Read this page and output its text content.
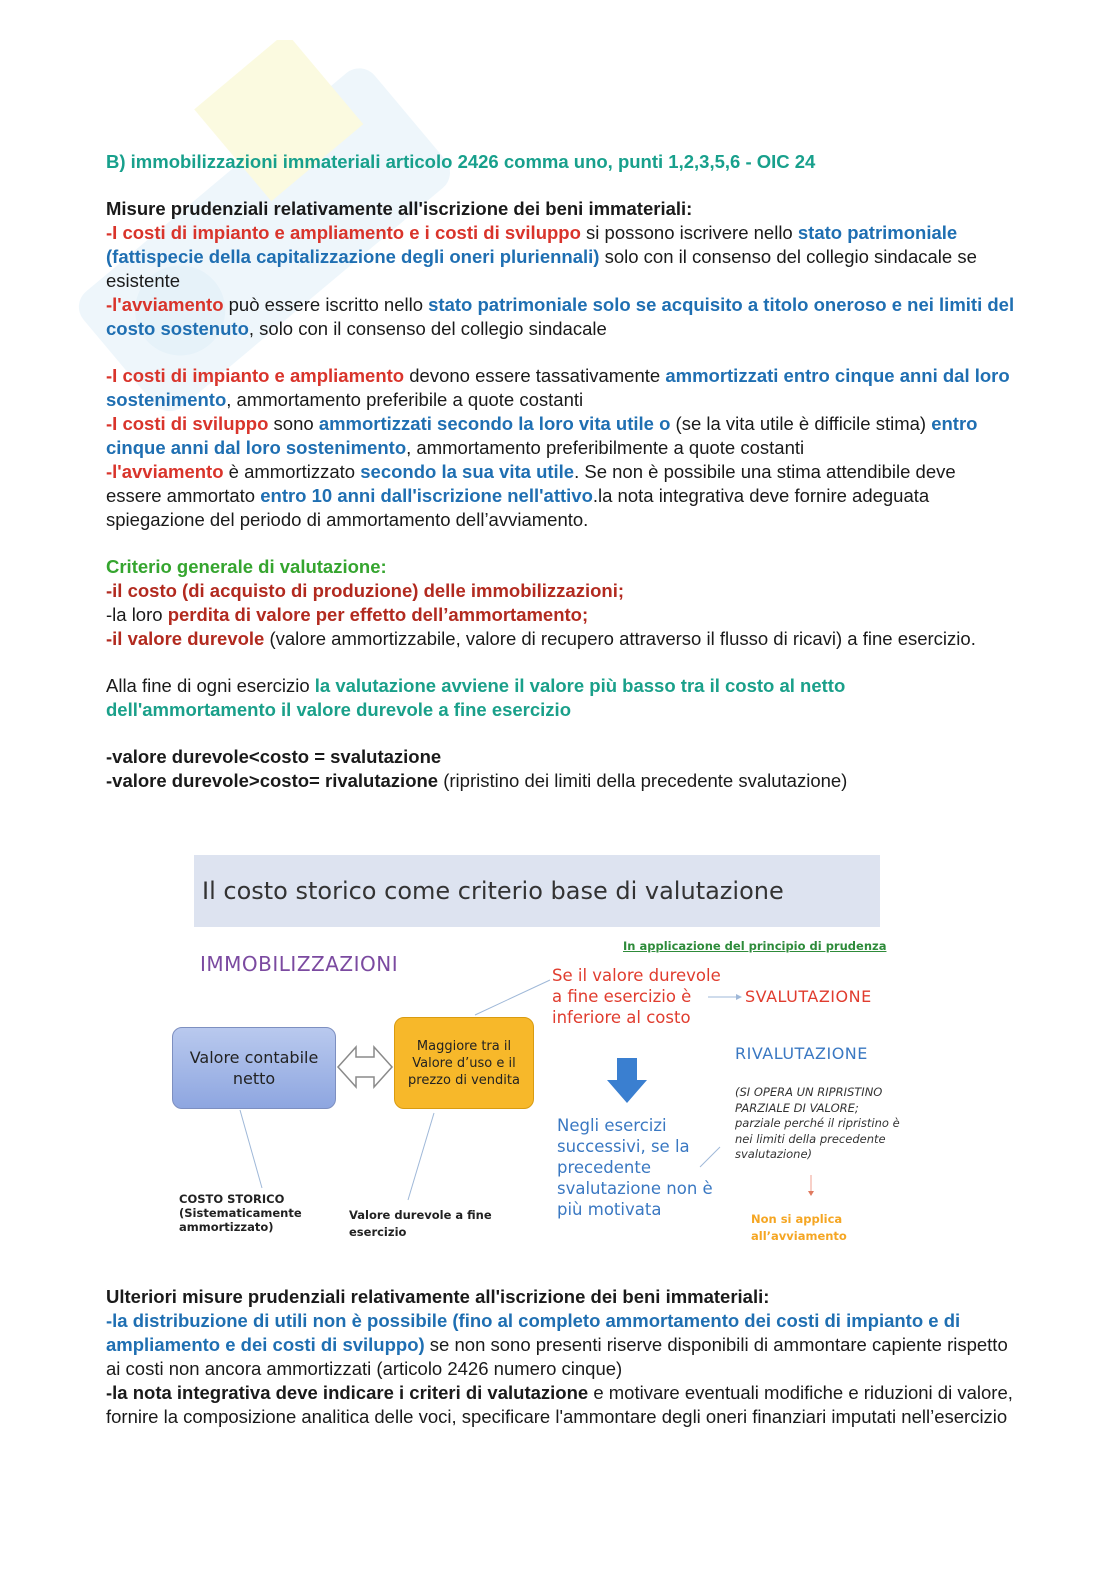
B) immobilizzazioni immateriali articolo 2426 comma uno, punti 1,2,3,5,6 - OIC 24

Misure prudenziali relativamente all'iscrizione dei beni immateriali:

-I costi di impianto e ampliamento e i costi di sviluppo si possono iscrivere nello stato patrimoniale (fattispecie della capitalizzazione degli oneri pluriennali) solo con il consenso del collegio sindacale se esistente

-l'avviamento può essere iscritto nello stato patrimoniale solo se acquisito a titolo oneroso e nei limiti del costo sostenuto, solo con il consenso del collegio sindacale

-I costi di impianto e ampliamento devono essere tassativamente ammortizzati entro cinque anni dal loro sostenimento, ammortamento preferibile a quote costanti

-I costi di sviluppo sono ammortizzati secondo la loro vita utile o (se la vita utile è difficile stima) entro cinque anni dal loro sostenimento, ammortamento preferibilmente a quote costanti

-l'avviamento è ammortizzato secondo la sua vita utile. Se non è possibile una stima attendibile deve essere ammortato entro 10 anni dall'iscrizione nell'attivo.la nota integrativa deve fornire adeguata spiegazione del periodo di ammortamento dell’avviamento.

Criterio generale di valutazione:

-il costo (di acquisto di produzione) delle immobilizzazioni;

-la loro perdita di valore per effetto dell’ammortamento;

-il valore durevole (valore ammortizzabile, valore di recupero attraverso il flusso di ricavi) a fine esercizio.

Alla fine di ogni esercizio la valutazione avviene il valore più basso tra il costo al netto dell'ammortamento il valore durevole a fine esercizio

-valore durevole<costo = svalutazione

-valore durevole>costo= rivalutazione (ripristino dei limiti della precedente svalutazione)

Il costo storico come criterio base di valutazione
IMMOBILIZZAZIONI
In applicazione del principio di prudenza
Valore contabile netto
Maggiore tra il Valore d’uso e il prezzo di vendita
Se il valore durevole a fine esercizio è inferiore al costo
SVALUTAZIONE
RIVALUTAZIONE
(SI OPERA UN RIPRISTINO PARZIALE DI VALORE; parziale perché il ripristino è nei limiti della precedente svalutazione)
Negli esercizi successivi, se la precedente svalutazione non è più motivata
COSTO STORICO (Sistematicamente ammortizzato)
Valore durevole a fine esercizio
Non si applica all’avviamento

Ulteriori misure prudenziali relativamente all'iscrizione dei beni immateriali:

-la distribuzione di utili non è possibile (fino al completo ammortamento dei costi di impianto e di ampliamento e dei costi di sviluppo) se non sono presenti riserve disponibili di ammontare capiente rispetto ai costi non ancora ammortizzati (articolo 2426 numero cinque)

-la nota integrativa deve indicare i criteri di valutazione e motivare eventuali modifiche e riduzioni di valore, fornire la composizione analitica delle voci, specificare l'ammontare degli oneri finanziari imputati nell’esercizio
